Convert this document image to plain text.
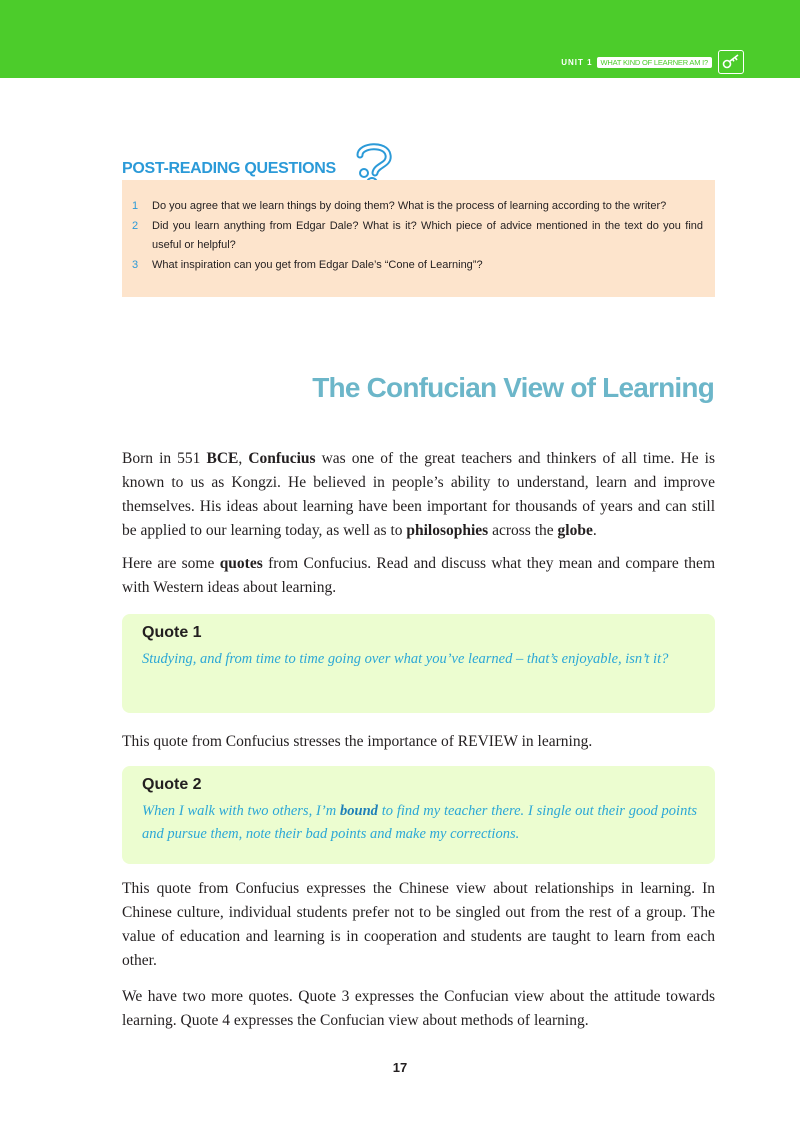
UNIT 1	WHAT KIND OF LEARNER AM I?
POST-READING QUESTIONS
1	Do you agree that we learn things by doing them? What is the process of learning according to the writer?
2	Did you learn anything from Edgar Dale? What is it? Which piece of advice mentioned in the text do you find useful or helpful?
3	What inspiration can you get from Edgar Dale’s “Cone of Learning”?
The Confucian View of Learning

Born in 551 BCE, Confucius was one of the great teachers and thinkers of all time. He is known to us as Kongzi. He believed in people’s ability to understand, learn and improve themselves. His ideas about learning have been important for thousands of years and can still be applied to our learning today, as well as to philosophies across the globe.

Here are some quotes from Confucius. Read and discuss what they mean and compare them with Western ideas about learning.

Quote 1

Studying, and from time to time going over what you’ve learned – that’s enjoyable, isn’t it?

This quote from Confucius stresses the importance of REVIEW in learning.

Quote 2

When I walk with two others, I’m bound to find my teacher there. I single out their good points and pursue them, note their bad points and make my corrections.

This quote from Confucius expresses the Chinese view about relationships in learning. In Chinese culture, individual students prefer not to be singled out from the rest of a group. The value of education and learning is in cooperation and students are taught to learn from each other.

We have two more quotes. Quote 3 expresses the Confucian view about the attitude towards learning. Quote 4 expresses the Confucian view about methods of learning.

17
